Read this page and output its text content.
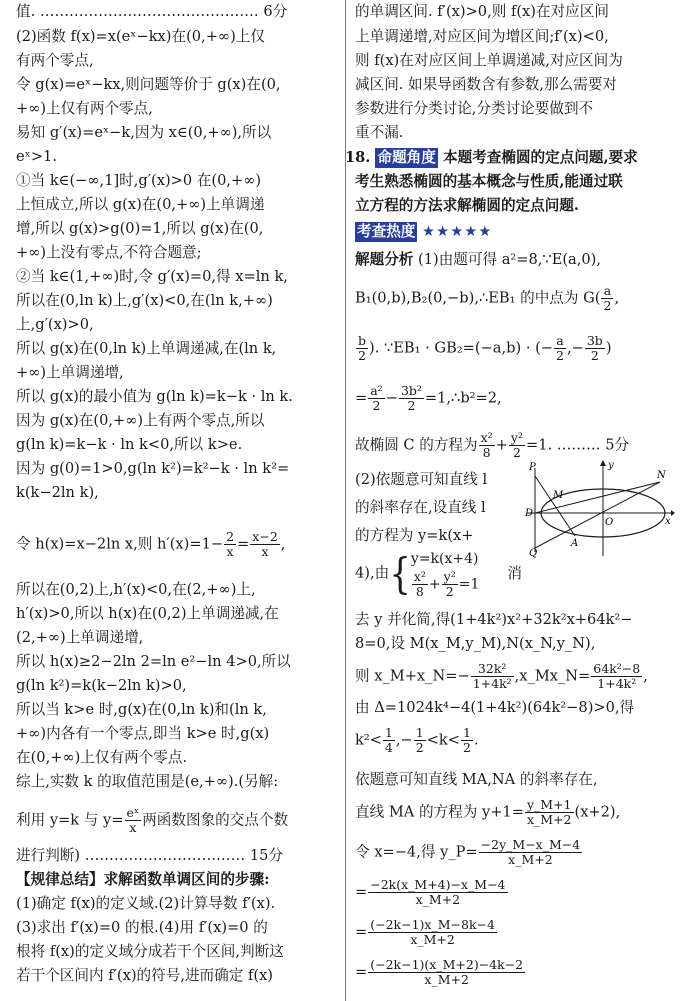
值. ……………………………………… 6分
(2)函数 f(x)=x(eˣ−kx)在(0,+∞)上仅
有两个零点,
令 g(x)=eˣ−kx,则问题等价于 g(x)在(0,
+∞)上仅有两个零点,
易知 g′(x)=eˣ−k,因为 x∈(0,+∞),所以
eˣ>1.
①当 k∈(−∞,1]时,g′(x)>0 在(0,+∞)
上恒成立,所以 g(x)在(0,+∞)上单调递
增,所以 g(x)>g(0)=1,所以 g(x)在(0,
+∞)上没有零点,不符合题意;
②当 k∈(1,+∞)时,令 g′(x)=0,得 x=ln k,
所以在(0,ln k)上,g′(x)<0,在(ln k,+∞)
上,g′(x)>0,
所以 g(x)在(0,ln k)上单调递减,在(ln k,
+∞)上单调递增,
所以 g(x)的最小值为 g(ln k)=k−k · ln k.
因为 g(x)在(0,+∞)上有两个零点,所以
g(ln k)=k−k · ln k<0,所以 k>e.
因为 g(0)=1>0,g(ln k²)=k²−k · ln k²=
k(k−2ln k),
令 h(x)=x−2ln x,则 $h'(x)=1- \frac{2}{x} = \frac{x-2}{x}$ ,
所以在(0,2)上,h′(x)<0,在(2,+∞)上,
h′(x)>0,所以 h(x)在(0,2)上单调递减,在
(2,+∞)上单调递增,
所以 h(x)≥2−2ln 2=ln e²−ln 4>0,所以
g(ln k²)=k(k−2ln k)>0,
所以当 k>e 时,g(x)在(0,ln k)和(ln k,
+∞)内各有一个零点,即当 k>e 时,g(x)
在(0,+∞)上仅有两个零点.
综上,实数 k 的取值范围是(e,+∞).(另解:
利用 y=k 与 $y= \frac{\text{eˣ}}{x}$ 两函数图象的交点个数
进行判断) …………………………… 15分
【规律总结】求解函数单调区间的步骤:
(1)确定 f(x)的定义域.(2)计算导数 f′(x).
(3)求出 f′(x)=0 的根.(4)用 f′(x)=0 的
根将 f(x)的定义域分成若干个区间,判断这
若干个区间内 f′(x)的符号,进而确定 f(x)
的单调区间. f′(x)>0,则 f(x)在对应区间
上单调递增,对应区间为增区间;f′(x)<0,
则 f(x)在对应区间上单调递减,对应区间为
减区间. 如果导函数含有参数,那么需要对
参数进行分类讨论,分类讨论要做到不
重不漏.
18. 命题角度 本题考查椭圆的定点问题,要求
考生熟悉椭圆的基本概念与性质,能通过联
立方程的方法求解椭圆的定点问题.
考查热度 ★★★★★
解题分析 (1)由题可得 a²=8,∵E(a,0),
B₁(0,b),B₂(0,−b),∴EB₁ 的中点为 $G( \frac{a}{2}$ ,
$\frac{b}{2}$ ). ∵EB₁ · GB₂=(−a,b) · (− $\frac{a}{2}$ ,− $\frac{3b}{2}$ )
= $\frac{\text{a²}}{2} - \frac{\text{3b²}}{2}$ =1,∴b²=2,
故椭圆 C 的方程为 $\frac{\text{x²}}{8} + \frac{\text{y²}}{2} =1$. ……… 5分
(2)依题意可知直线 l
的斜率存在,设直线 l
的方程为 y=k(x+
4),由{ y=k(x+4)
$\frac{\text{x²}}{8} + \frac{\text{y²}}{2} =1$
消
去 y 并化简,得(1+4k²)x²+32k²x+64k²−
8=0,设 M(x_M,y_M),N(x_N,y_N),
则 x_M+x_N=− $\frac{\text{32k²}}{\text{1+4k²}}$ ,x_Mx_N= $\frac{\text{64k²−8}}{\text{1+4k²}}$ ,
由 Δ=1024k⁴−4(1+4k²)(64k²−8)>0,得
$k^2< \frac{1}{4}$ ,− $\frac{1}{2} <k< \frac{1}{2}$ .
依题意可知直线 MA,NA 的斜率存在,
直线 MA 的方程为 $y+1= \frac{y\_M+1}{x\_M+2} (x+2)$,
令 x=−4,得 y_P= $\frac{-2y\_M-x\_M-4}{x\_M+2}$
= $\frac{-2k(x\_M+4)-x\_M-4}{x\_M+2}$
= $\frac{(-2k-1)x\_M-8k-4}{x\_M+2}$
= $\frac{(-2k-1)(x\_M+2)-4k-2}{x\_M+2}$
P
M
N
D
O
A
Q
x
y
